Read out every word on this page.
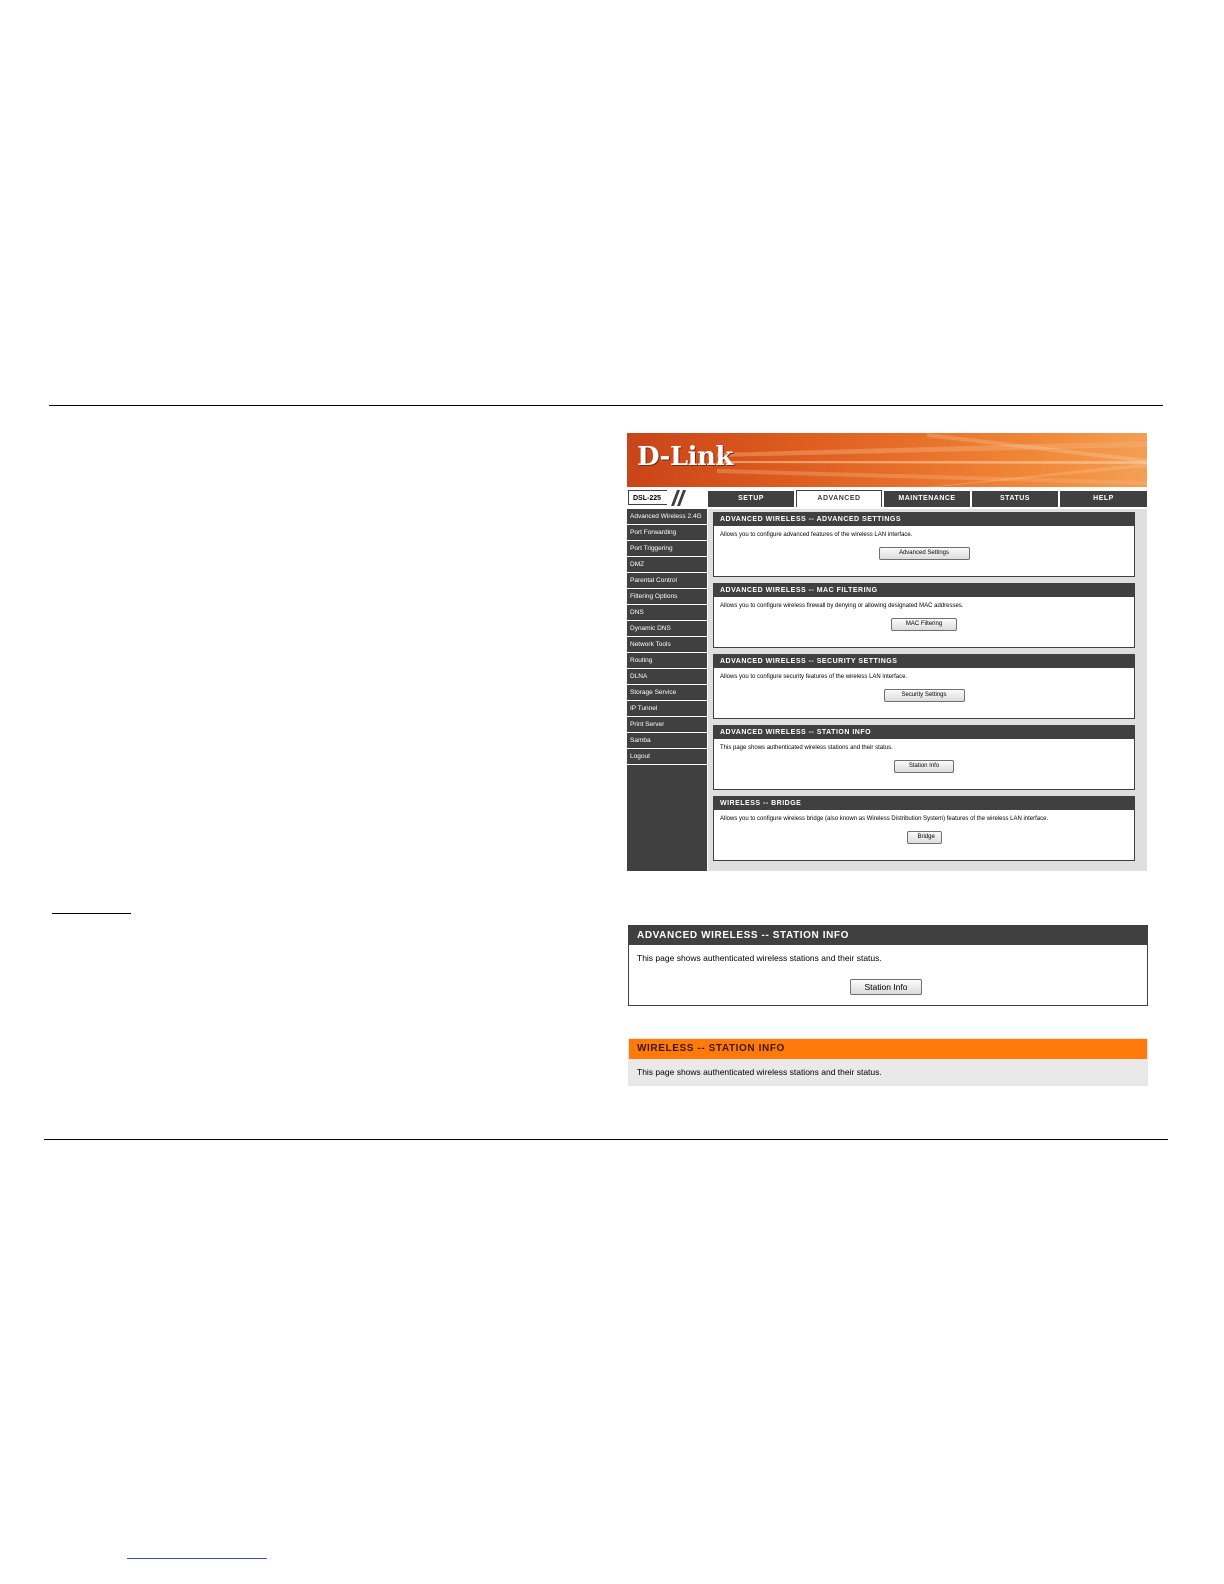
D-Link
DSL-225	SETUP	ADVANCED	MAINTENANCE	STATUS	HELP
Advanced Wireless 2.4G
Port Forwarding
Port Triggering
DMZ
Parental Control
Filtering Options
DNS
Dynamic DNS
Network Tools
Routing
DLNA
Storage Service
IP Tunnel
Print Server
Samba
Logout
ADVANCED WIRELESS -- ADVANCED SETTINGS
Allows you to configure advanced features of the wireless LAN interface.
Advanced Settings
ADVANCED WIRELESS -- MAC FILTERING
Allows you to configure wireless firewall by denying or allowing designated MAC addresses.
MAC Filtering
ADVANCED WIRELESS -- SECURITY SETTINGS
Allows you to configure security features of the wireless LAN interface.
Security Settings
ADVANCED WIRELESS -- STATION INFO
This page shows authenticated wireless stations and their status.
Station Info
WIRELESS -- BRIDGE
Allows you to configure wireless bridge (also known as Wireless Distribution System) features of the wireless LAN interface.
Bridge
ADVANCED WIRELESS -- STATION INFO
This page shows authenticated wireless stations and their status.
Station Info
WIRELESS -- STATION INFO
This page shows authenticated wireless stations and their status.
